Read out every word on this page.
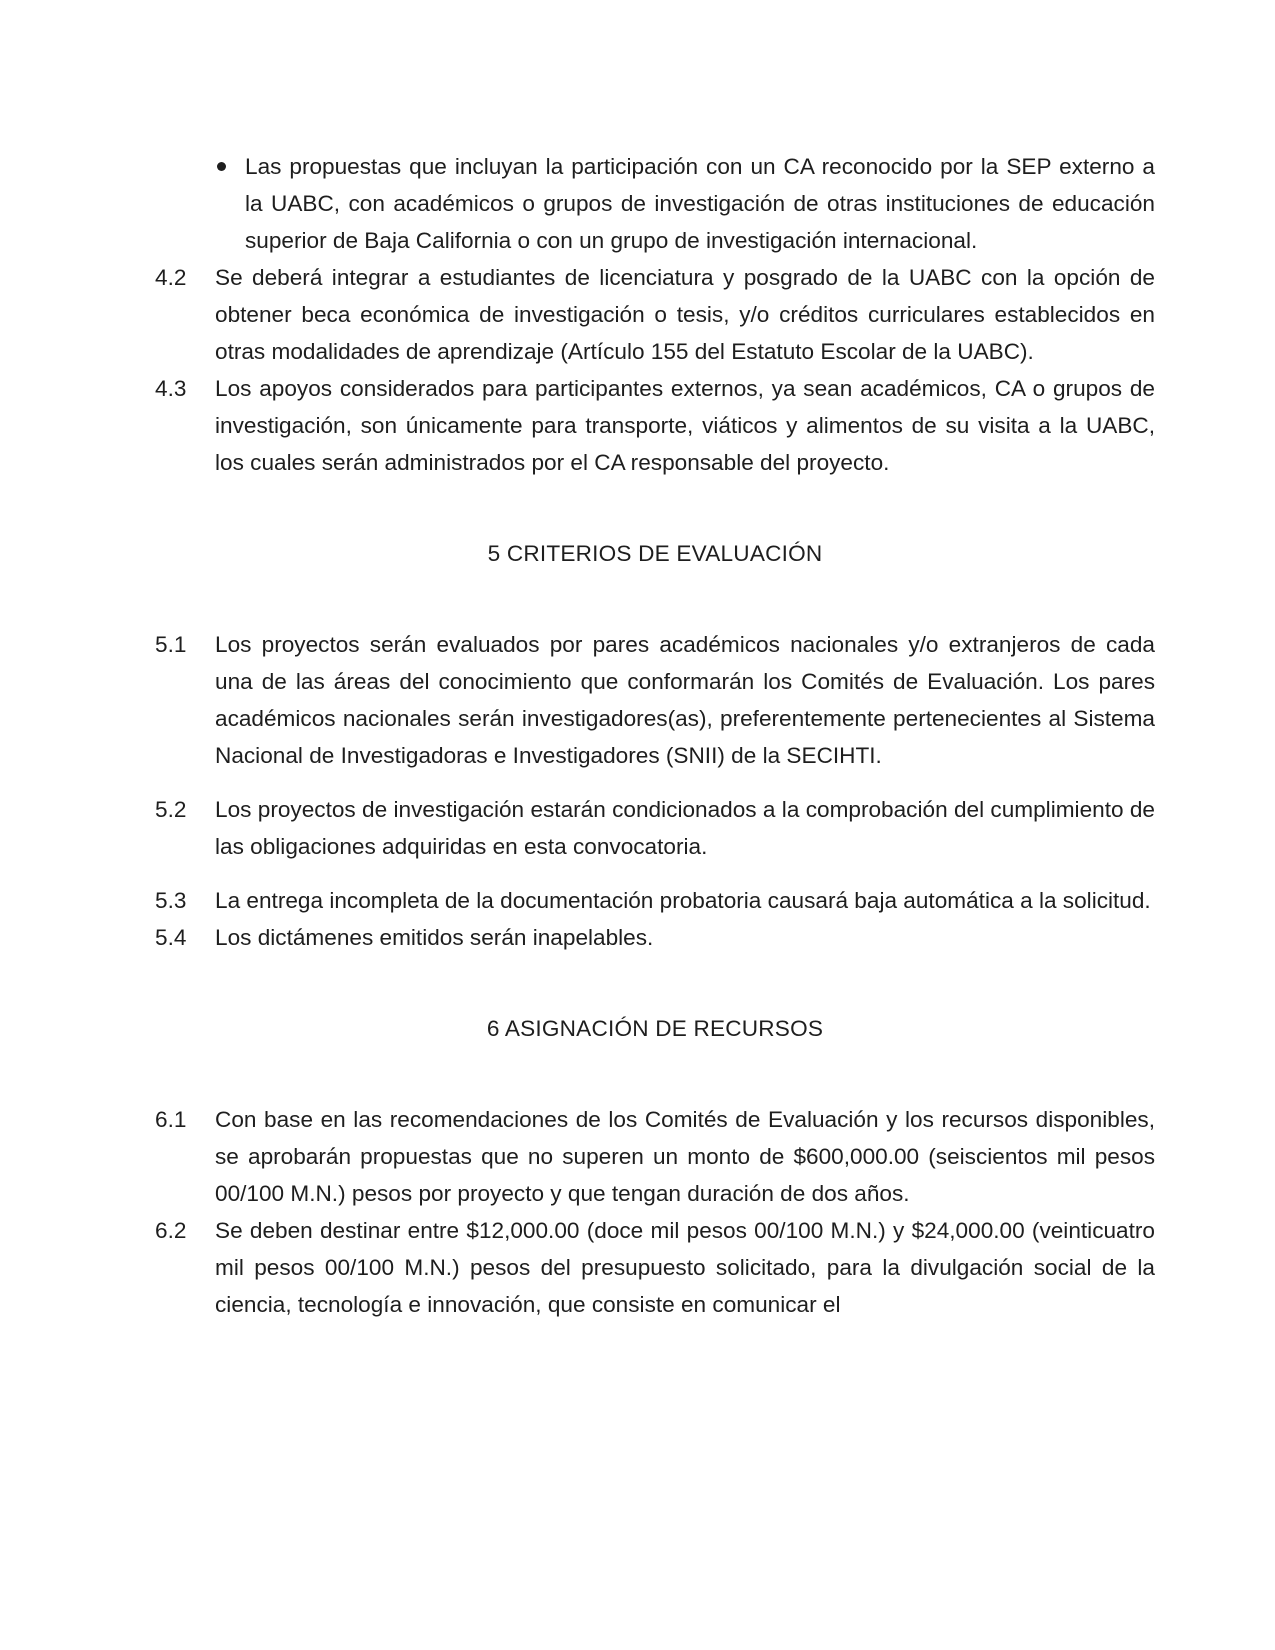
Las propuestas que incluyan la participación con un CA reconocido por la SEP externo a la UABC, con académicos o grupos de investigación de otras instituciones de educación superior de Baja California o con un grupo de investigación internacional.
4.2 Se deberá integrar a estudiantes de licenciatura y posgrado de la UABC con la opción de obtener beca económica de investigación o tesis, y/o créditos curriculares establecidos en otras modalidades de aprendizaje (Artículo 155 del Estatuto Escolar de la UABC).
4.3 Los apoyos considerados para participantes externos, ya sean académicos, CA o grupos de investigación, son únicamente para transporte, viáticos y alimentos de su visita a la UABC, los cuales serán administrados por el CA responsable del proyecto.
5 CRITERIOS DE EVALUACIÓN
5.1 Los proyectos serán evaluados por pares académicos nacionales y/o extranjeros de cada una de las áreas del conocimiento que conformarán los Comités de Evaluación. Los pares académicos nacionales serán investigadores(as), preferentemente pertenecientes al Sistema Nacional de Investigadoras e Investigadores (SNII) de la SECIHTI.
5.2 Los proyectos de investigación estarán condicionados a la comprobación del cumplimiento de las obligaciones adquiridas en esta convocatoria.
5.3 La entrega incompleta de la documentación probatoria causará baja automática a la solicitud.
5.4 Los dictámenes emitidos serán inapelables.
6 ASIGNACIÓN DE RECURSOS
6.1 Con base en las recomendaciones de los Comités de Evaluación y los recursos disponibles, se aprobarán propuestas que no superen un monto de $600,000.00 (seiscientos mil pesos 00/100 M.N.) pesos por proyecto y que tengan duración de dos años.
6.2 Se deben destinar entre $12,000.00 (doce mil pesos 00/100 M.N.) y $24,000.00 (veinticuatro mil pesos 00/100 M.N.) pesos del presupuesto solicitado, para la divulgación social de la ciencia, tecnología e innovación, que consiste en comunicar el
